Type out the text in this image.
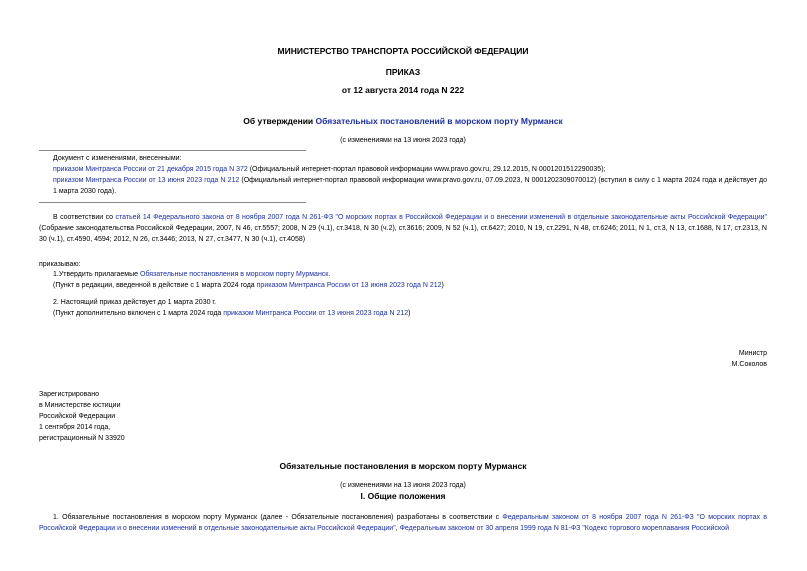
МИНИСТЕРСТВО ТРАНСПОРТА РОССИЙСКОЙ ФЕДЕРАЦИИ
ПРИКАЗ
от 12 августа 2014 года N 222
Об утверждении Обязательных постановлений в морском порту Мурманск
(с изменениями на 13 июня 2023 года)

Документ с изменениями, внесенными:

приказом Минтранса России от 21 декабря 2015 года N 372 (Официальный интернет-портал правовой информации www.pravo.gov.ru, 29.12.2015, N 0001201512290035);

приказом Минтранса России от 13 июня 2023 года N 212 (Официальный интернет-портал правовой информации www.pravo.gov.ru, 07.09.2023, N 0001202309070012) (вступил в силу с 1 марта 2024 года и действует до 1 марта 2030 года).

В соответствии со статьей 14 Федерального закона от 8 ноября 2007 года N 261-ФЗ "О морских портах в Российской Федерации и о внесении изменений в отдельные законодательные акты Российской Федерации" (Собрание законодательства Российской Федерации, 2007, N 46, ст.5557; 2008, N 29 (ч.1), ст.3418, N 30 (ч.2), ст.3616; 2009, N 52 (ч.1), ст.6427; 2010, N 19, ст.2291, N 48, ст.6246; 2011, N 1, ст.3, N 13, ст.1688, N 17, ст.2313, N 30 (ч.1), ст.4590, 4594; 2012, N 26, ст.3446; 2013, N 27, ст.3477, N 30 (ч.1), ст.4058)
приказываю:

1.Утвердить прилагаемые Обязательные постановления в морском порту Мурманск.

(Пункт в редакции, введенной в действие с 1 марта 2024 года приказом Минтранса России от 13 июня 2023 года N 212)

2. Настоящий приказ действует до 1 марта 2030 г.

(Пункт дополнительно включен с 1 марта 2024 года приказом Минтранса России от 13 июня 2023 года N 212)

Министр

М.Соколов

Зарегистрировано

в Министерстве юстиции

Российской Федерации

1 сентября 2014 года,

регистрационный N 33920

Обязательные постановления в морском порту Мурманск
(с изменениями на 13 июня 2023 года)
I. Общие положения
1. Обязательные постановления в морском порту Мурманск (далее - Обязательные постановления) разработаны в соответствии с Федеральным законом от 8 ноября 2007 года N 261-ФЗ "О морских портах в Российской Федерации и о внесении изменений в отдельные законодательные акты Российской Федерации", Федеральным законом от 30 апреля 1999 года N 81-ФЗ "Кодекс торгового мореплавания Российской
